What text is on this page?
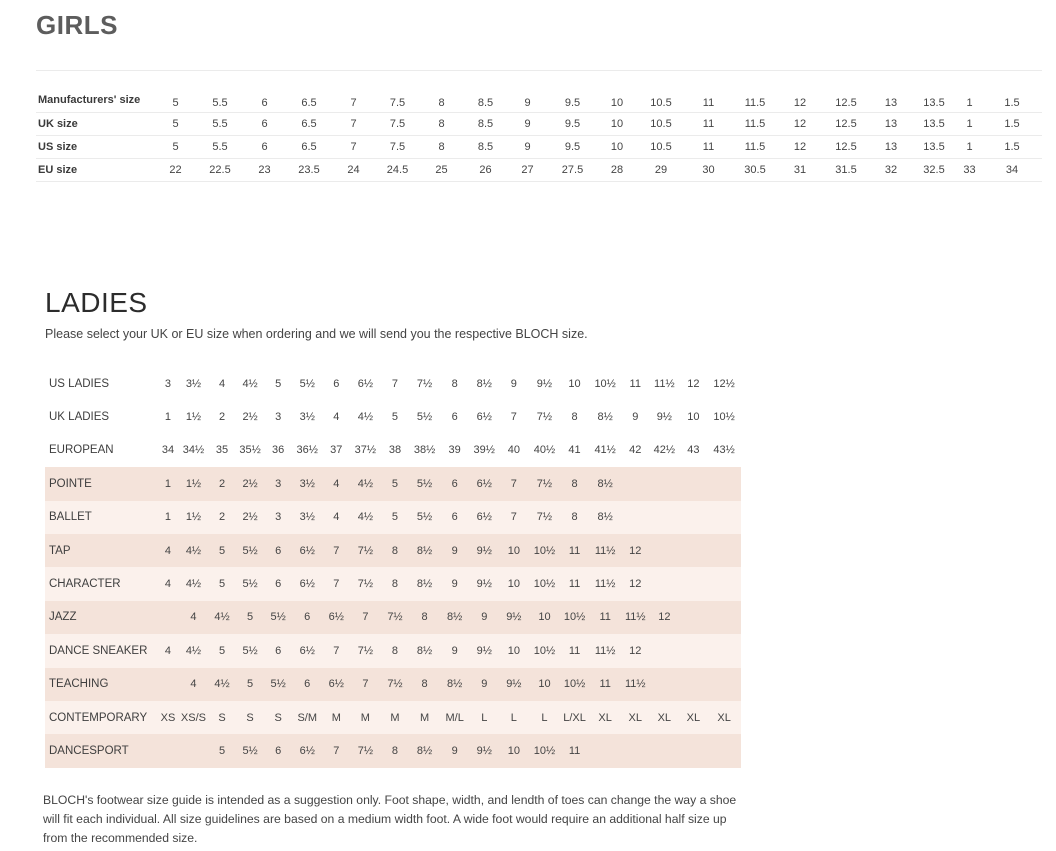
GIRLS
Manufacturers' size	5	5.5	6	6.5	7	7.5	8	8.5	9	9.5	10	10.5	11	11.5	12	12.5	13	13.5	1	1.5
UK size	5	5.5	6	6.5	7	7.5	8	8.5	9	9.5	10	10.5	11	11.5	12	12.5	13	13.5	1	1.5
US size	5	5.5	6	6.5	7	7.5	8	8.5	9	9.5	10	10.5	11	11.5	12	12.5	13	13.5	1	1.5
EU size	22	22.5	23	23.5	24	24.5	25	26	27	27.5	28	29	30	30.5	31	31.5	32	32.5	33	34
LADIES

Please select your UK or EU size when ordering and we will send you the respective BLOCH size.

US LADIES	3	3½	4	4½	5	5½	6	6½	7	7½	8	8½	9	9½	10	10½	11	11½	12	12½
UK LADIES	1	1½	2	2½	3	3½	4	4½	5	5½	6	6½	7	7½	8	8½	9	9½	10	10½
EUROPEAN	34	34½	35	35½	36	36½	37	37½	38	38½	39	39½	40	40½	41	41½	42	42½	43	43½
POINTE	1	1½	2	2½	3	3½	4	4½	5	5½	6	6½	7	7½	8	8½				
BALLET	1	1½	2	2½	3	3½	4	4½	5	5½	6	6½	7	7½	8	8½				
TAP	4	4½	5	5½	6	6½	7	7½	8	8½	9	9½	10	10½	11	11½	12			
CHARACTER	4	4½	5	5½	6	6½	7	7½	8	8½	9	9½	10	10½	11	11½	12			
JAZZ		4	4½	5	5½	6	6½	7	7½	8	8½	9	9½	10	10½	11	11½	12		
DANCE SNEAKER	4	4½	5	5½	6	6½	7	7½	8	8½	9	9½	10	10½	11	11½	12			
TEACHING		4	4½	5	5½	6	6½	7	7½	8	8½	9	9½	10	10½	11	11½			
CONTEMPORARY	XS	XS/S	S	S	S	S/M	M	M	M	M	M/L	L	L	L	L/XL	XL	XL	XL	XL	XL
DANCESPORT			5	5½	6	6½	7	7½	8	8½	9	9½	10	10½	11					

BLOCH's footwear size guide is intended as a suggestion only. Foot shape, width, and lendth of toes can change the way a shoe will fit each individual. All size guidelines are based on a medium width foot. A wide foot would require an additional half size up from the recommended size.
